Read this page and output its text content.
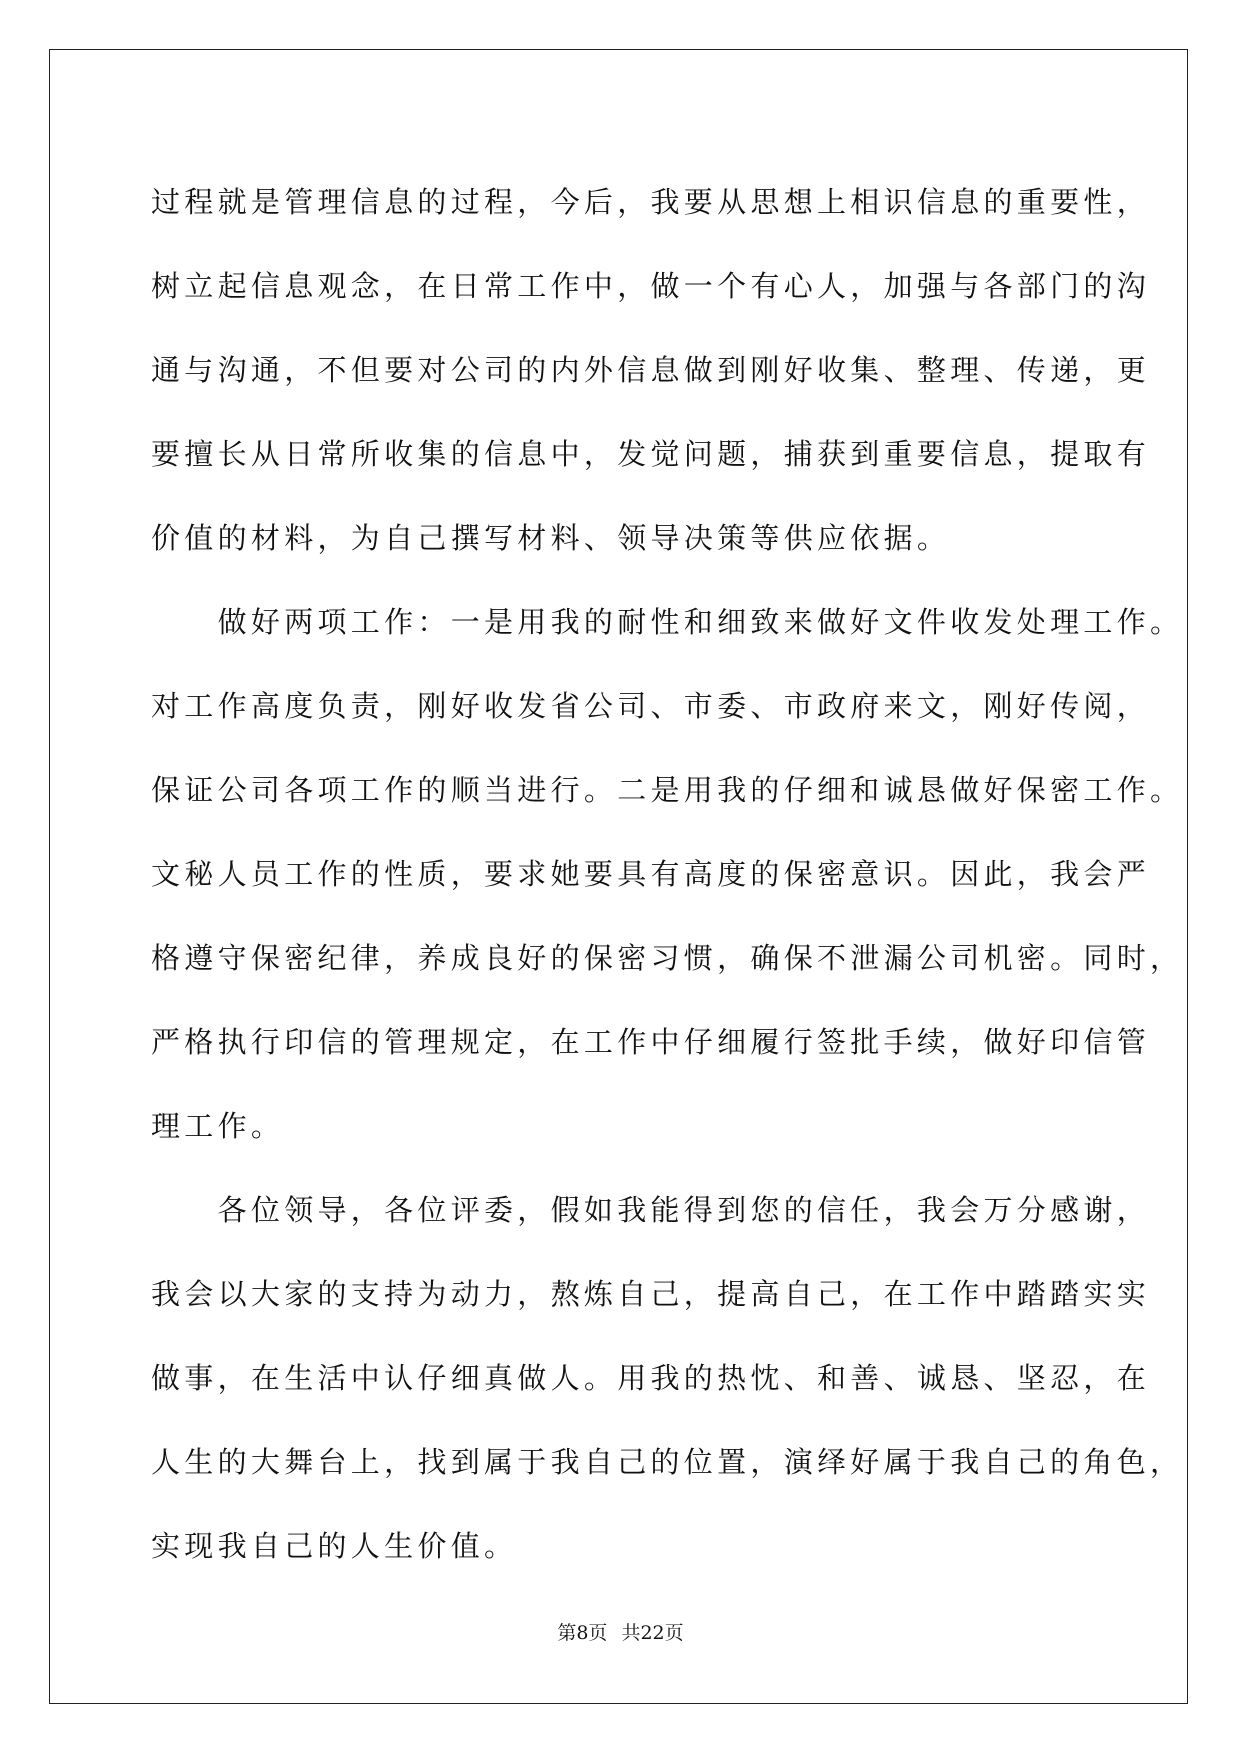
过程就是管理信息的过程，今后，我要从思想上相识信息的重要性，
树立起信息观念，在日常工作中，做一个有心人，加强与各部门的沟
通与沟通，不但要对公司的内外信息做到刚好收集、整理、传递，更
要擅长从日常所收集的信息中，发觉问题，捕获到重要信息，提取有
价值的材料，为自己撰写材料、领导决策等供应依据。
　　做好两项工作：一是用我的耐性和细致来做好文件收发处理工作。
对工作高度负责，刚好收发省公司、市委、市政府来文，刚好传阅，
保证公司各项工作的顺当进行。二是用我的仔细和诚恳做好保密工作。
文秘人员工作的性质，要求她要具有高度的保密意识。因此，我会严
格遵守保密纪律，养成良好的保密习惯，确保不泄漏公司机密。同时，
严格执行印信的管理规定，在工作中仔细履行签批手续，做好印信管
理工作。
　　各位领导，各位评委，假如我能得到您的信任，我会万分感谢，
我会以大家的支持为动力，熬炼自己，提高自己，在工作中踏踏实实
做事，在生活中认仔细真做人。用我的热忱、和善、诚恳、坚忍，在
人生的大舞台上，找到属于我自己的位置，演绎好属于我自己的角色，
实现我自己的人生价值。
第8页 共22页
